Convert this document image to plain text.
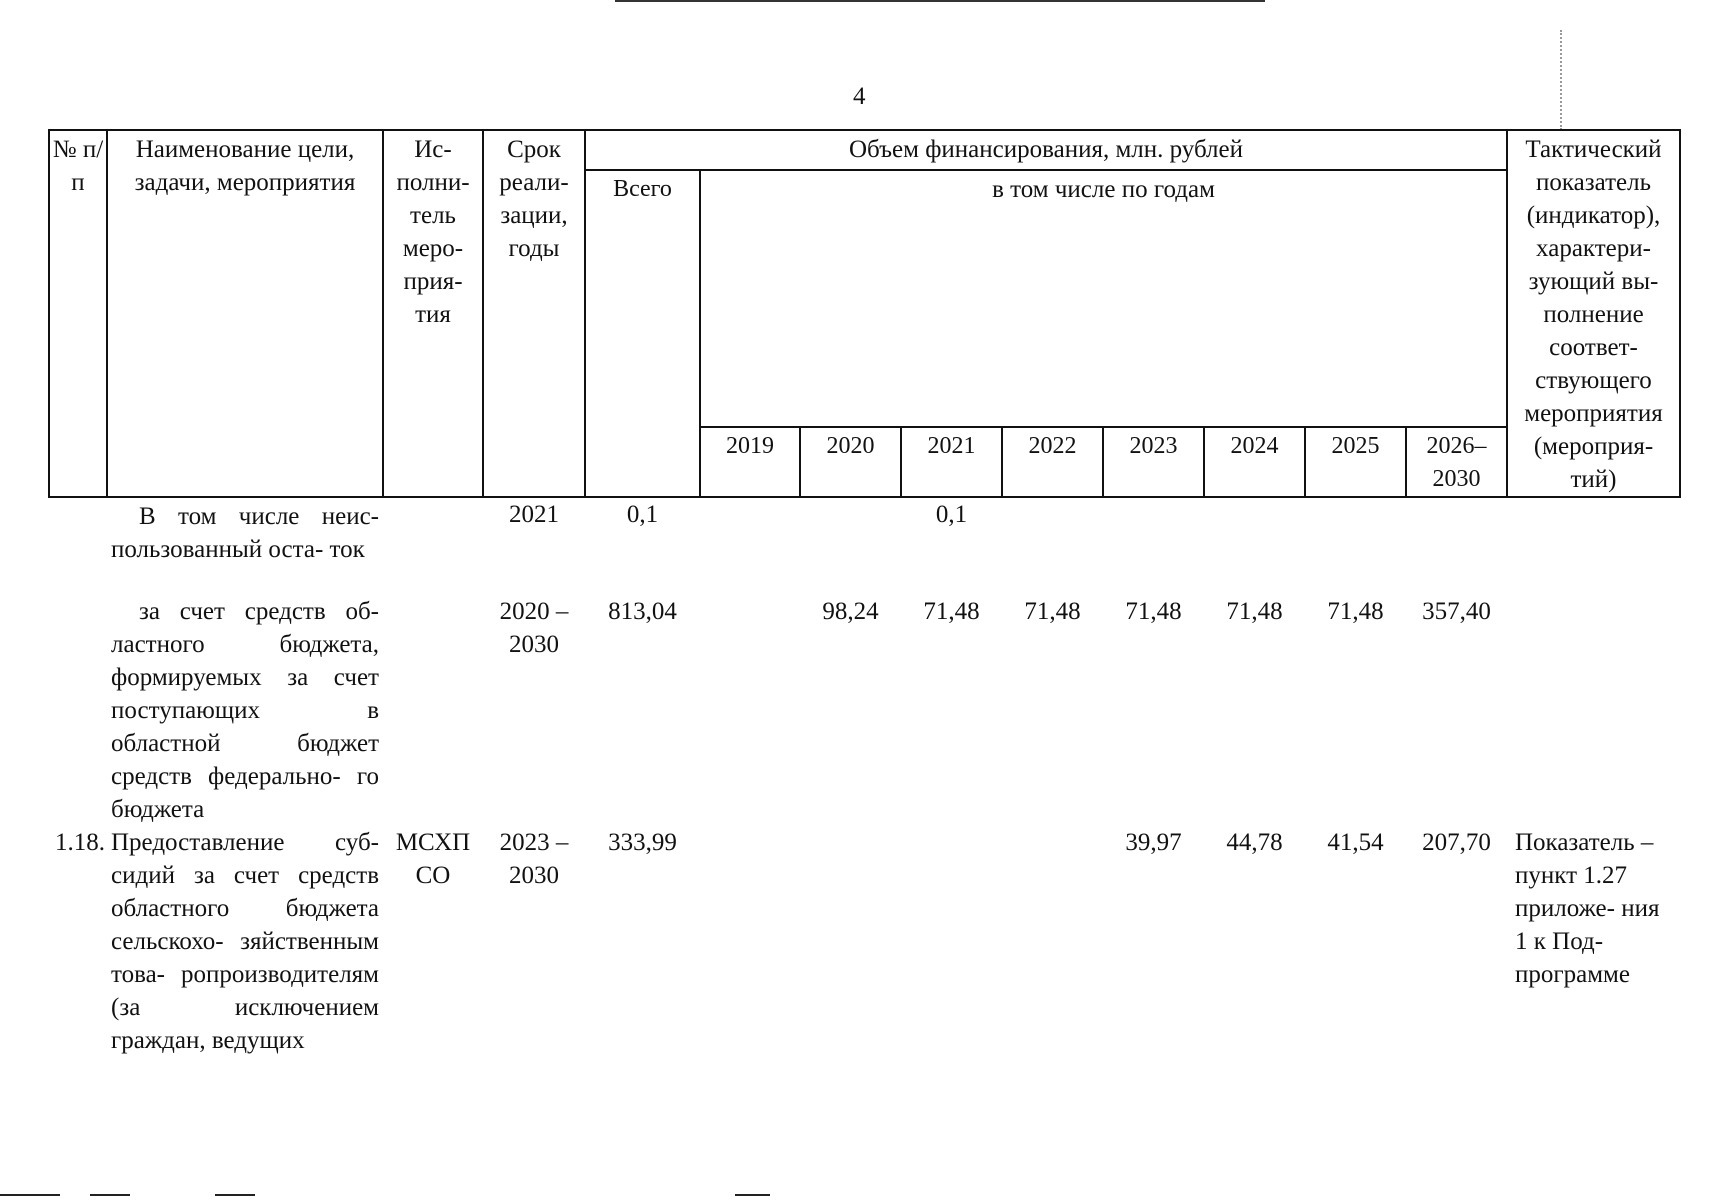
4
№ п/п	Наименование цели, задачи, мероприятия	Ис- полни- тель меро- прия- тия	Срок реали- зации, годы	Объем финансирования, млн. рублей									Тактический показатель (индикатор), характери- зующий вы- полнение соответ- ствующего мероприятия (мероприя- тий)
				Всего	в том числе по годам								
					2019	2020	2021	2022	2023	2024	2025	2026–2030	
	В том числе неис- пользованный оста- ток		2021	0,1			0,1						
	за счет средств об- ластного бюджета, формируемых за счет поступающих в областной бюджет средств федерально- го бюджета		2020 – 2030	813,04		98,24	71,48	71,48	71,48	71,48	71,48	357,40	
1.18.	Предоставление суб- сидий за счет средств областного бюджета сельскохо- зяйственным това- ропроизводителям (за исключением граждан, ведущих	МСХП СО	2023 – 2030	333,99					39,97	44,78	41,54	207,70	Показатель – пункт 1.27 приложе- ния 1 к Под- программе
